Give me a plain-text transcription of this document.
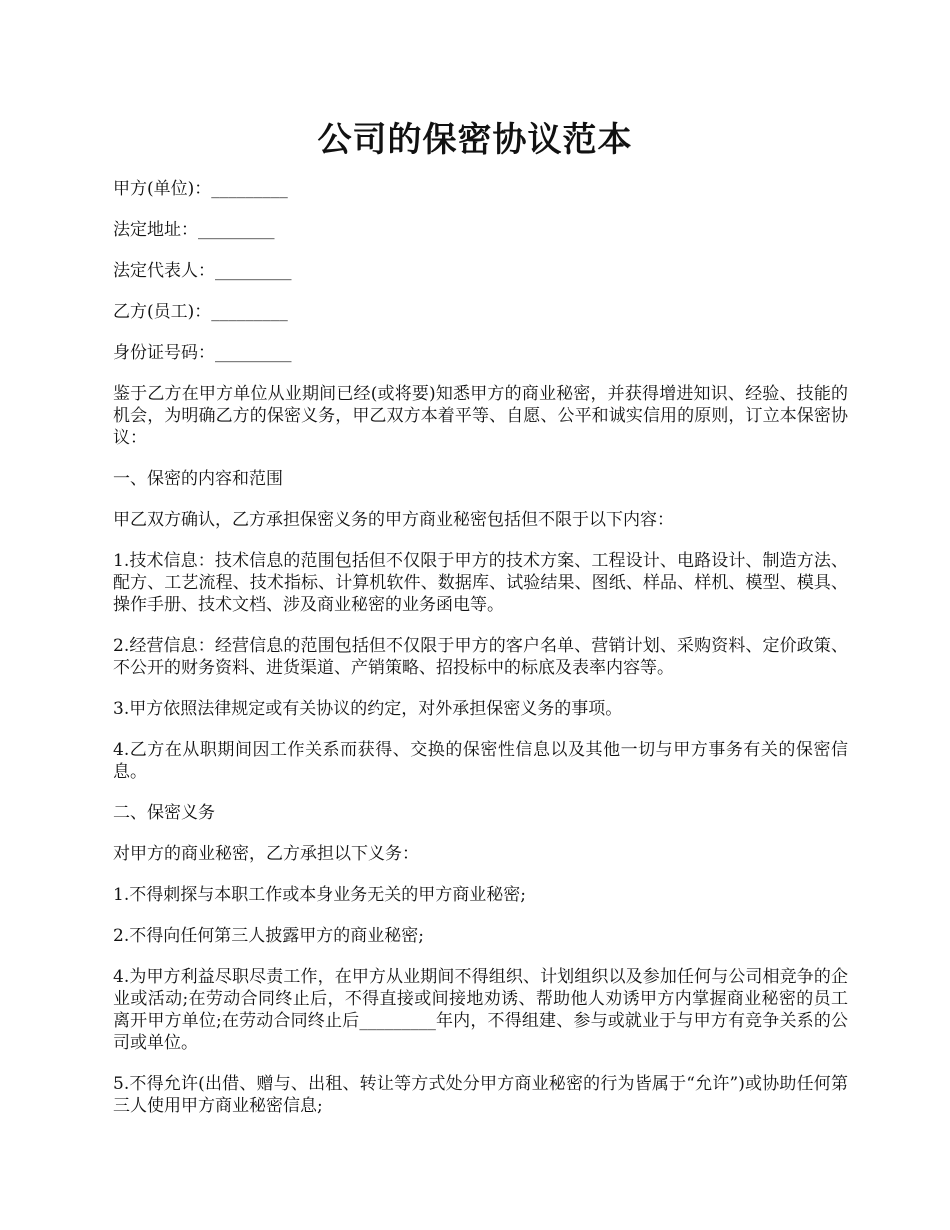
公司的保密协议范本

甲方(单位)：_________

法定地址：_________

法定代表人：_________

乙方(员工)：_________

身份证号码：_________

鉴于乙方在甲方单位从业期间已经(或将要)知悉甲方的商业秘密，并获得增进知识、经验、技能的机会，为明确乙方的保密义务，甲乙双方本着平等、自愿、公平和诚实信用的原则，订立本保密协议：

一、保密的内容和范围

甲乙双方确认，乙方承担保密义务的甲方商业秘密包括但不限于以下内容：

1.技术信息：技术信息的范围包括但不仅限于甲方的技术方案、工程设计、电路设计、制造方法、配方、工艺流程、技术指标、计算机软件、数据库、试验结果、图纸、样品、样机、模型、模具、操作手册、技术文档、涉及商业秘密的业务函电等。

2.经营信息：经营信息的范围包括但不仅限于甲方的客户名单、营销计划、采购资料、定价政策、不公开的财务资料、进货渠道、产销策略、招投标中的标底及表率内容等。

3.甲方依照法律规定或有关协议的约定，对外承担保密义务的事项。

4.乙方在从职期间因工作关系而获得、交换的保密性信息以及其他一切与甲方事务有关的保密信息。

二、保密义务

对甲方的商业秘密，乙方承担以下义务：

1.不得刺探与本职工作或本身业务无关的甲方商业秘密;

2.不得向任何第三人披露甲方的商业秘密;

4.为甲方利益尽职尽责工作，在甲方从业期间不得组织、计划组织以及参加任何与公司相竞争的企业或活动;在劳动合同终止后，不得直接或间接地劝诱、帮助他人劝诱甲方内掌握商业秘密的员工离开甲方单位;在劳动合同终止后_________年内，不得组建、参与或就业于与甲方有竞争关系的公司或单位。

5.不得允许(出借、赠与、出租、转让等方式处分甲方商业秘密的行为皆属于“允许”)或协助任何第三人使用甲方商业秘密信息;
